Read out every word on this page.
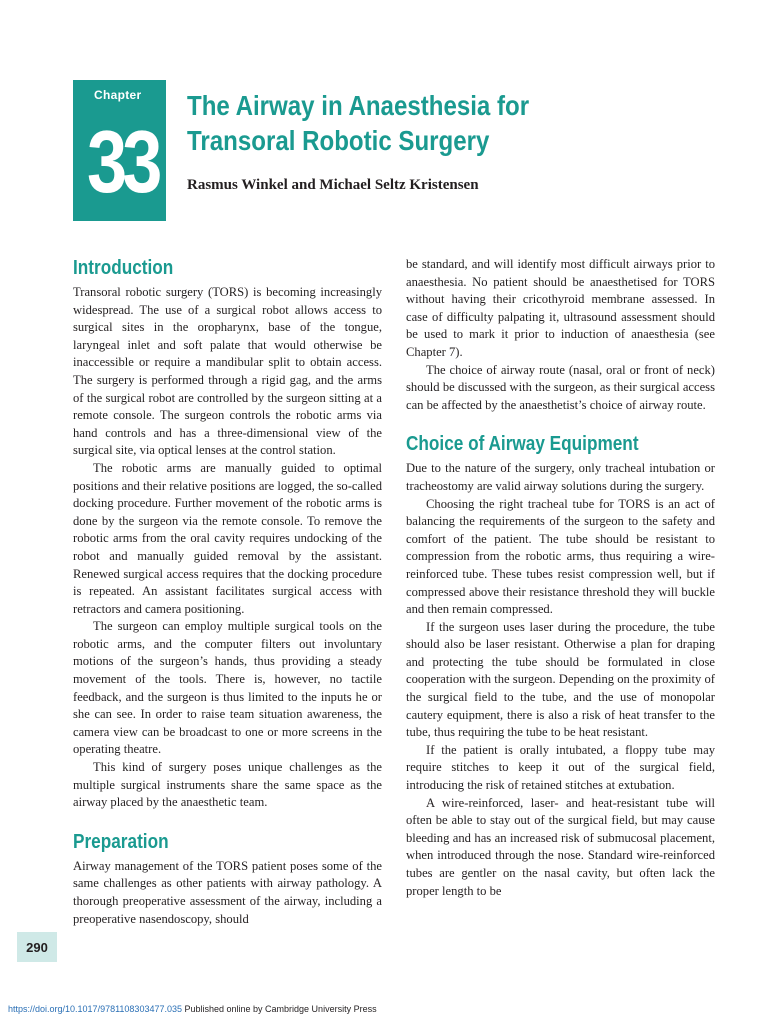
Chapter
33
The Airway in Anaesthesia for
Transoral Robotic Surgery

Rasmus Winkel and Michael Seltz Kristensen

Introduction

Transoral robotic surgery (TORS) is becoming increasingly widespread. The use of a surgical robot allows access to surgical sites in the oropharynx, base of the tongue, laryngeal inlet and soft palate that would otherwise be inaccessible or require a mandibular split to obtain access. The surgery is performed through a rigid gag, and the arms of the surgical robot are controlled by the surgeon sitting at a remote console. The surgeon controls the robotic arms via hand controls and has a three-dimensional view of the surgical site, via optical lenses at the control station.

The robotic arms are manually guided to optimal positions and their relative positions are logged, the so-called docking procedure. Further movement of the robotic arms is done by the surgeon via the remote console. To remove the robotic arms from the oral cavity requires undocking of the robot and manually guided removal by the assistant. Renewed surgical access requires that the docking procedure is repeated. An assistant facilitates surgical access with retractors and camera positioning.

The surgeon can employ multiple surgical tools on the robotic arms, and the computer filters out involuntary motions of the surgeon’s hands, thus providing a steady movement of the tools. There is, however, no tactile feedback, and the surgeon is thus limited to the inputs he or she can see. In order to raise team situation awareness, the camera view can be broadcast to one or more screens in the operating theatre.

This kind of surgery poses unique challenges as the multiple surgical instruments share the same space as the airway placed by the anaesthetic team.

Preparation

Airway management of the TORS patient poses some of the same challenges as other patients with airway pathology. A thorough preoperative assessment of the airway, including a preoperative nasendoscopy, should

be standard, and will identify most difficult airways prior to anaesthesia. No patient should be anaesthetised for TORS without having their cricothyroid membrane assessed. In case of difficulty palpating it, ultrasound assessment should be used to mark it prior to induction of anaesthesia (see Chapter 7).

The choice of airway route (nasal, oral or front of neck) should be discussed with the surgeon, as their surgical access can be affected by the anaesthetist’s choice of airway route.

Choice of Airway Equipment

Due to the nature of the surgery, only tracheal intubation or tracheostomy are valid airway solutions during the surgery.

Choosing the right tracheal tube for TORS is an act of balancing the requirements of the surgeon to the safety and comfort of the patient. The tube should be resistant to compression from the robotic arms, thus requiring a wire-reinforced tube. These tubes resist compression well, but if compressed above their resistance threshold they will buckle and then remain compressed.

If the surgeon uses laser during the procedure, the tube should also be laser resistant. Otherwise a plan for draping and protecting the tube should be formulated in close cooperation with the surgeon. Depending on the proximity of the surgical field to the tube, and the use of monopolar cautery equipment, there is also a risk of heat transfer to the tube, thus requiring the tube to be heat resistant.

If the patient is orally intubated, a floppy tube may require stitches to keep it out of the surgical field, introducing the risk of retained stitches at extubation.

A wire-reinforced, laser- and heat-resistant tube will often be able to stay out of the surgical field, but may cause bleeding and has an increased risk of submucosal placement, when introduced through the nose. Standard wire-reinforced tubes are gentler on the nasal cavity, but often lack the proper length to be

290
https://doi.org/10.1017/9781108303477.035 Published online by Cambridge University Press
